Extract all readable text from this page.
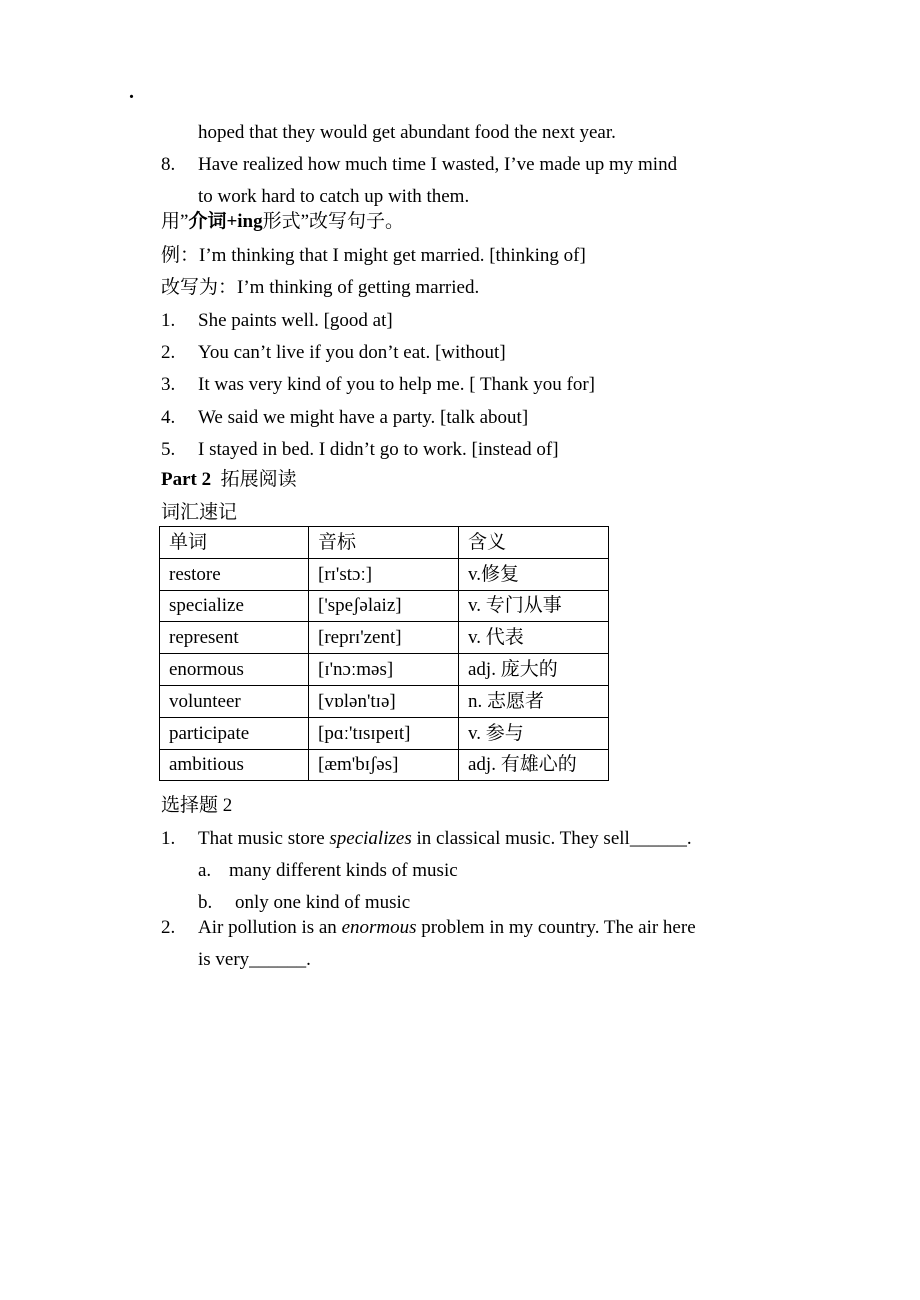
.
hoped that they would get abundant food the next year.
8. Have realized how much time I wasted, I’ve made up my mind
to work hard to catch up with them.
用”介词+ing形式”改写句子。
例：I’m thinking that I might get married. [thinking of]
改写为：I’m thinking of getting married.
1. She paints well. [good at]
2. You can’t live if you don’t eat. [without]
3. It was very kind of you to help me. [ Thank you for]
4. We said we might have a party. [talk about]
5. I stayed in bed. I didn’t go to work. [instead of]
Part 2 拓展阅读
词汇速记
单词	音标	含义
restore	[rɪ'stɔː]	v.修复
specialize	['speʃəlaiz]	v. 专门从事
represent	[reprɪ'zent]	v. 代表
enormous	[ɪ'nɔːməs]	adj. 庞大的
volunteer	[vɒlən'tɪə]	n. 志愿者
participate	[pɑː'tɪsɪpeɪt]	v. 参与
ambitious	[æm'bɪʃəs]	adj. 有雄心的
选择题 2
1. That music store specializes in classical music. They sell______.
a. many different kinds of music
b. only one kind of music
2. Air pollution is an enormous problem in my country. The air here
is very______.
